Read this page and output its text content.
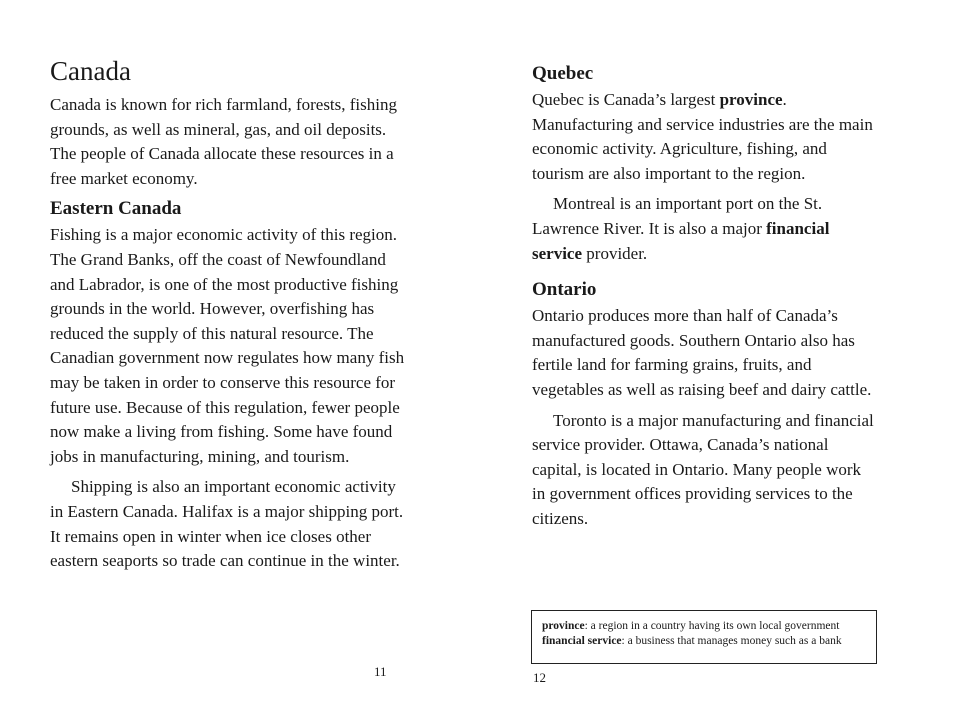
Canada

Canada is known for rich farmland, forests, fishing grounds, as well as mineral, gas, and oil deposits. The people of Canada allocate these resources in a free market economy.

Eastern Canada

Fishing is a major economic activity of this region. The Grand Banks, off the coast of Newfoundland and Labrador, is one of the most productive fishing grounds in the world. However, overfishing has reduced the supply of this natural resource. The Canadian government now regulates how many fish may be taken in order to conserve this resource for future use. Because of this regulation, fewer people now make a living from fishing. Some have found jobs in manufacturing, mining, and tourism.

Shipping is also an important economic activity in Eastern Canada. Halifax is a major shipping port. It remains open in winter when ice closes other eastern seaports so trade can continue in the winter.

11
Quebec

Quebec is Canada’s largest province. Manufacturing and service industries are the main economic activity. Agriculture, fishing, and tourism are also important to the region.

Montreal is an important port on the St. Lawrence River. It is also a major financial service provider.

Ontario

Ontario produces more than half of Canada’s manufactured goods. Southern Ontario also has fertile land for farming grains, fruits, and vegetables as well as raising beef and dairy cattle.

Toronto is a major manufacturing and financial service provider. Ottawa, Canada’s national capital, is located in Ontario. Many people work in government offices providing services to the citizens.

province: a region in a country having its own local government
financial service: a business that manages money such as a bank
12
